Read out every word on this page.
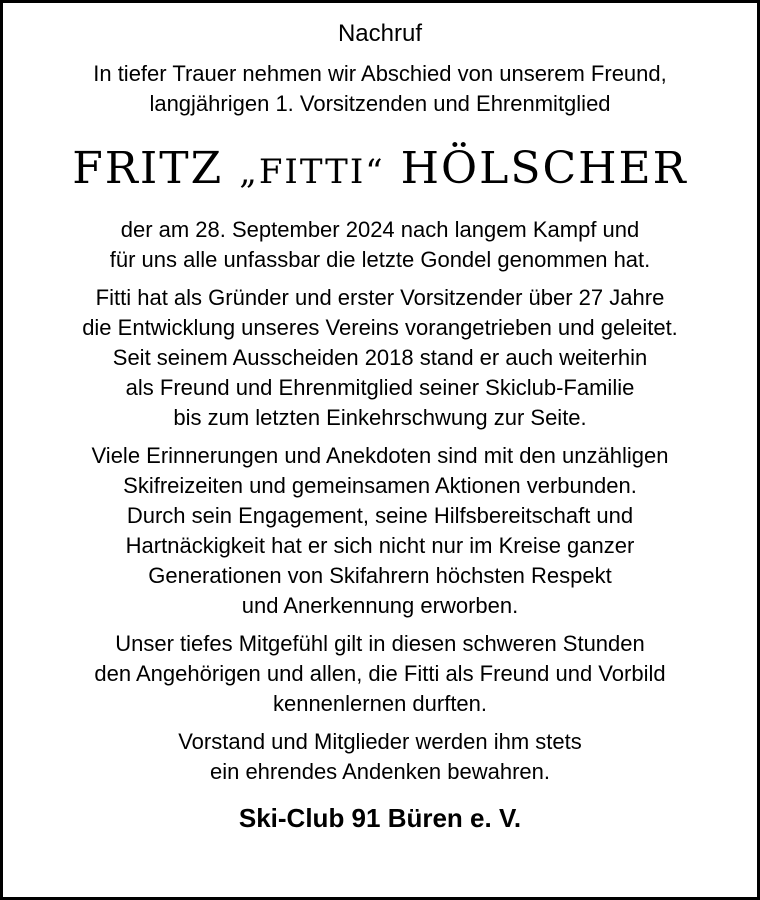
Nachruf
In tiefer Trauer nehmen wir Abschied von unserem Freund,
langjährigen 1. Vorsitzenden und Ehrenmitglied
FRITZ „FITTI“ HÖLSCHER
der am 28. September 2024 nach langem Kampf und
für uns alle unfassbar die letzte Gondel genommen hat.
Fitti hat als Gründer und erster Vorsitzender über 27 Jahre
die Entwicklung unseres Vereins vorangetrieben und geleitet.
Seit seinem Ausscheiden 2018 stand er auch weiterhin
als Freund und Ehrenmitglied seiner Skiclub-Familie
bis zum letzten Einkehrschwung zur Seite.
Viele Erinnerungen und Anekdoten sind mit den unzähligen
Skifreizeiten und gemeinsamen Aktionen verbunden.
Durch sein Engagement, seine Hilfsbereitschaft und
Hartnäckigkeit hat er sich nicht nur im Kreise ganzer
Generationen von Skifahrern höchsten Respekt
und Anerkennung erworben.
Unser tiefes Mitgefühl gilt in diesen schweren Stunden
den Angehörigen und allen, die Fitti als Freund und Vorbild
kennenlernen durften.
Vorstand und Mitglieder werden ihm stets
ein ehrendes Andenken bewahren.
Ski-Club 91 Büren e. V.
